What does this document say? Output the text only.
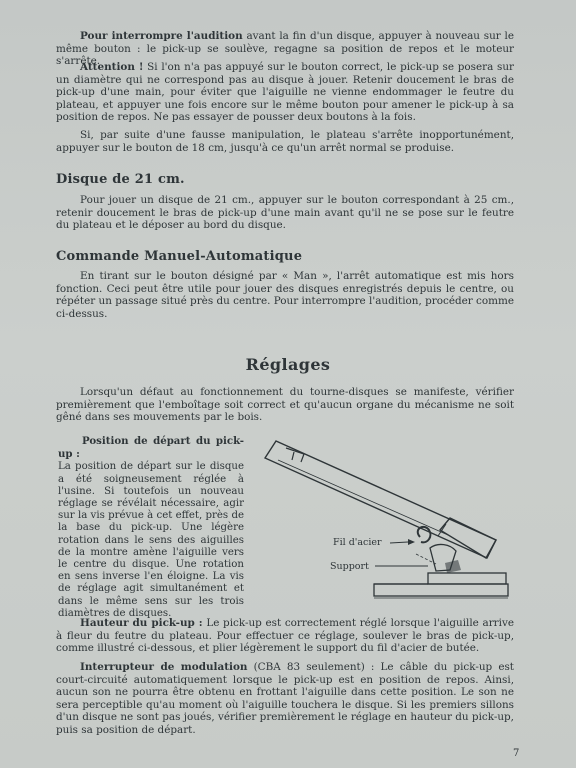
Pour interrompre l'audition avant la fin d'un disque, appuyer à nouveau sur le même bouton : le pick-up se soulève, regagne sa position de repos et le moteur s'arrête.

Attention ! Si l'on n'a pas appuyé sur le bouton correct, le pick-up se posera sur un diamètre qui ne correspond pas au disque à jouer. Retenir doucement le bras de pick-up d'une main, pour éviter que l'aiguille ne vienne endommager le feutre du plateau, et appuyer une fois encore sur le même bouton pour amener le pick-up à sa position de repos. Ne pas essayer de pousser deux boutons à la fois.

Si, par suite d'une fausse manipulation, le plateau s'arrête inopportunément, appuyer sur le bouton de 18 cm, jusqu'à ce qu'un arrêt normal se produise.

Disque de 21 cm.

Pour jouer un disque de 21 cm., appuyer sur le bouton correspondant à 25 cm., retenir doucement le bras de pick-up d'une main avant qu'il ne se pose sur le feutre du plateau et le déposer au bord du disque.

Commande Manuel-Automatique

En tirant sur le bouton désigné par « Man », l'arrêt automatique est mis hors fonction. Ceci peut être utile pour jouer des disques enregistrés depuis le centre, ou répéter un passage situé près du centre. Pour interrompre l'audition, procéder comme ci-dessus.

Réglages

Lorsqu'un défaut au fonctionnement du tourne-disques se manifeste, vérifier premièrement que l'emboîtage soit correct et qu'aucun organe du mécanisme ne soit gêné dans ses mouvements par le bois.

Position de départ du pick-up :
La position de départ sur le disque a été soigneusement réglée à l'usine. Si toutefois un nouveau réglage se révélait nécessaire, agir sur la vis prévue à cet effet, près de la base du pick-up. Une légère rotation dans le sens des aiguilles de la montre amène l'aiguille vers le centre du disque. Une rotation en sens inverse l'en éloigne. La vis de réglage agit simultanément et dans le même sens sur les trois diamètres de disques.
Fil d'acier
Support

Hauteur du pick-up : Le pick-up est correctement réglé lorsque l'aiguille arrive à fleur du feutre du plateau. Pour effectuer ce réglage, soulever le bras de pick-up, comme illustré ci-dessous, et plier légèrement le support du fil d'acier de butée.

Interrupteur de modulation (CBA 83 seulement) : Le câble du pick-up est court-circuité automatiquement lorsque le pick-up est en position de repos. Ainsi, aucun son ne pourra être obtenu en frottant l'aiguille dans cette position. Le son ne sera perceptible qu'au moment où l'aiguille touchera le disque. Si les premiers sillons d'un disque ne sont pas joués, vérifier premièrement le réglage en hauteur du pick-up, puis sa position de départ.

7
